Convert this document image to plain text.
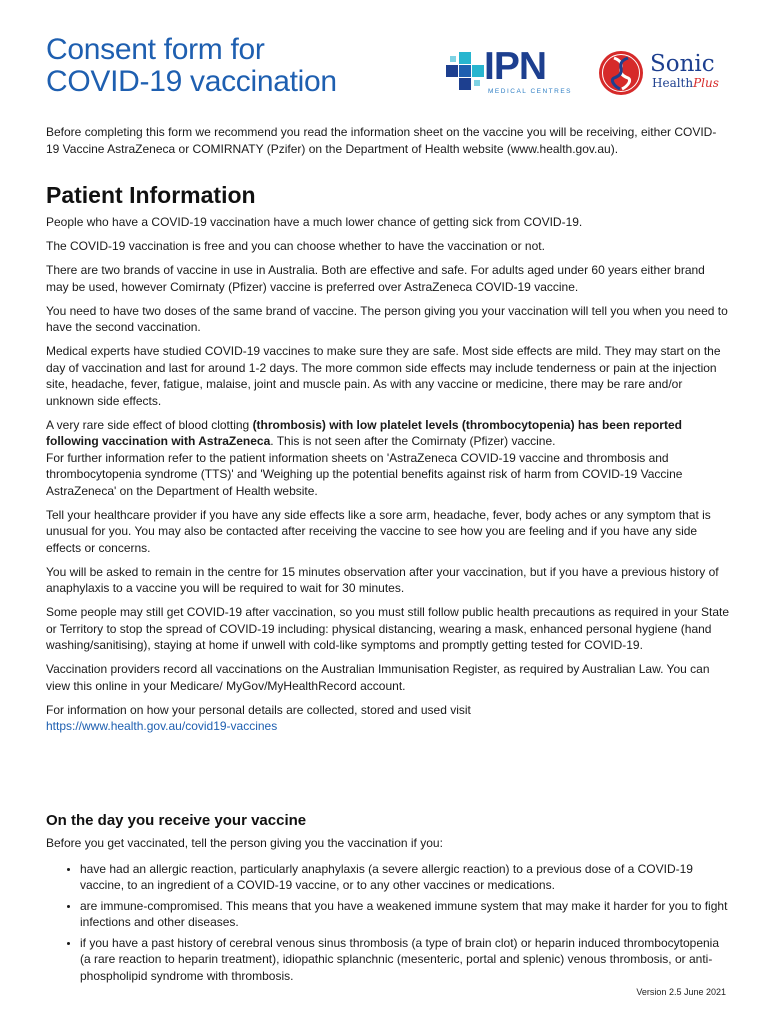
Consent form for
COVID-19 vaccination	IPN
MEDICAL CENTRES
Sonic
HealthPlus

Before completing this form we recommend you read the information sheet on the vaccine you will be receiving, either COVID-19 Vaccine AstraZeneca or COMIRNATY (Pzifer) on the Department of Health website (www.health.gov.au).

Patient Information

People who have a COVID-19 vaccination have a much lower chance of getting sick from COVID-19.

The COVID-19 vaccination is free and you can choose whether to have the vaccination or not.

There are two brands of vaccine in use in Australia. Both are effective and safe. For adults aged under 60 years either brand may be used, however Comirnaty (Pfizer) vaccine is preferred over AstraZeneca COVID-19 vaccine.

You need to have two doses of the same brand of vaccine. The person giving you your vaccination will tell you when you need to have the second vaccination.

Medical experts have studied COVID-19 vaccines to make sure they are safe. Most side effects are mild. They may start on the day of vaccination and last for around 1-2 days. The more common side effects may include tenderness or pain at the injection site, headache, fever, fatigue, malaise, joint and muscle pain. As with any vaccine or medicine, there may be rare and/or unknown side effects.

A very rare side effect of blood clotting (thrombosis) with low platelet levels (thrombocytopenia) has been reported following vaccination with AstraZeneca. This is not seen after the Comirnaty (Pfizer) vaccine.

For further information refer to the patient information sheets on 'AstraZeneca COVID-19 vaccine and thrombosis and thrombocytopenia syndrome (TTS)' and 'Weighing up the potential benefits against risk of harm from COVID-19 Vaccine AstraZeneca' on the Department of Health website.

Tell your healthcare provider if you have any side effects like a sore arm, headache, fever, body aches or any symptom that is unusual for you. You may also be contacted after receiving the vaccine to see how you are feeling and if you have any side effects or concerns.

You will be asked to remain in the centre for 15 minutes observation after your vaccination, but if you have a previous history of anaphylaxis to a vaccine you will be required to wait for 30 minutes.

Some people may still get COVID-19 after vaccination, so you must still follow public health precautions as required in your State or Territory to stop the spread of COVID-19 including: physical distancing, wearing a mask, enhanced personal hygiene (hand washing/sanitising), staying at home if unwell with cold-like symptoms and promptly getting tested for COVID-19.

Vaccination providers record all vaccinations on the Australian Immunisation Register, as required by Australian Law. You can view this online in your Medicare/ MyGov/MyHealthRecord account.

For information on how your personal details are collected, stored and used visit

https://www.health.gov.au/covid19-vaccines

On the day you receive your vaccine

Before you get vaccinated, tell the person giving you the vaccination if you:

• have had an allergic reaction, particularly anaphylaxis (a severe allergic reaction) to a previous dose of a COVID-19 vaccine, to an ingredient of a COVID-19 vaccine, or to any other vaccines or medications.
• are immune-compromised. This means that you have a weakened immune system that may make it harder for you to fight infections and other diseases.
• if you have a past history of cerebral venous sinus thrombosis (a type of brain clot) or heparin induced thrombocytopenia (a rare reaction to heparin treatment), idiopathic splanchnic (mesenteric, portal and splenic) venous thrombosis, or anti-phospholipid syndrome with thrombosis.
Version 2.5 June 2021
